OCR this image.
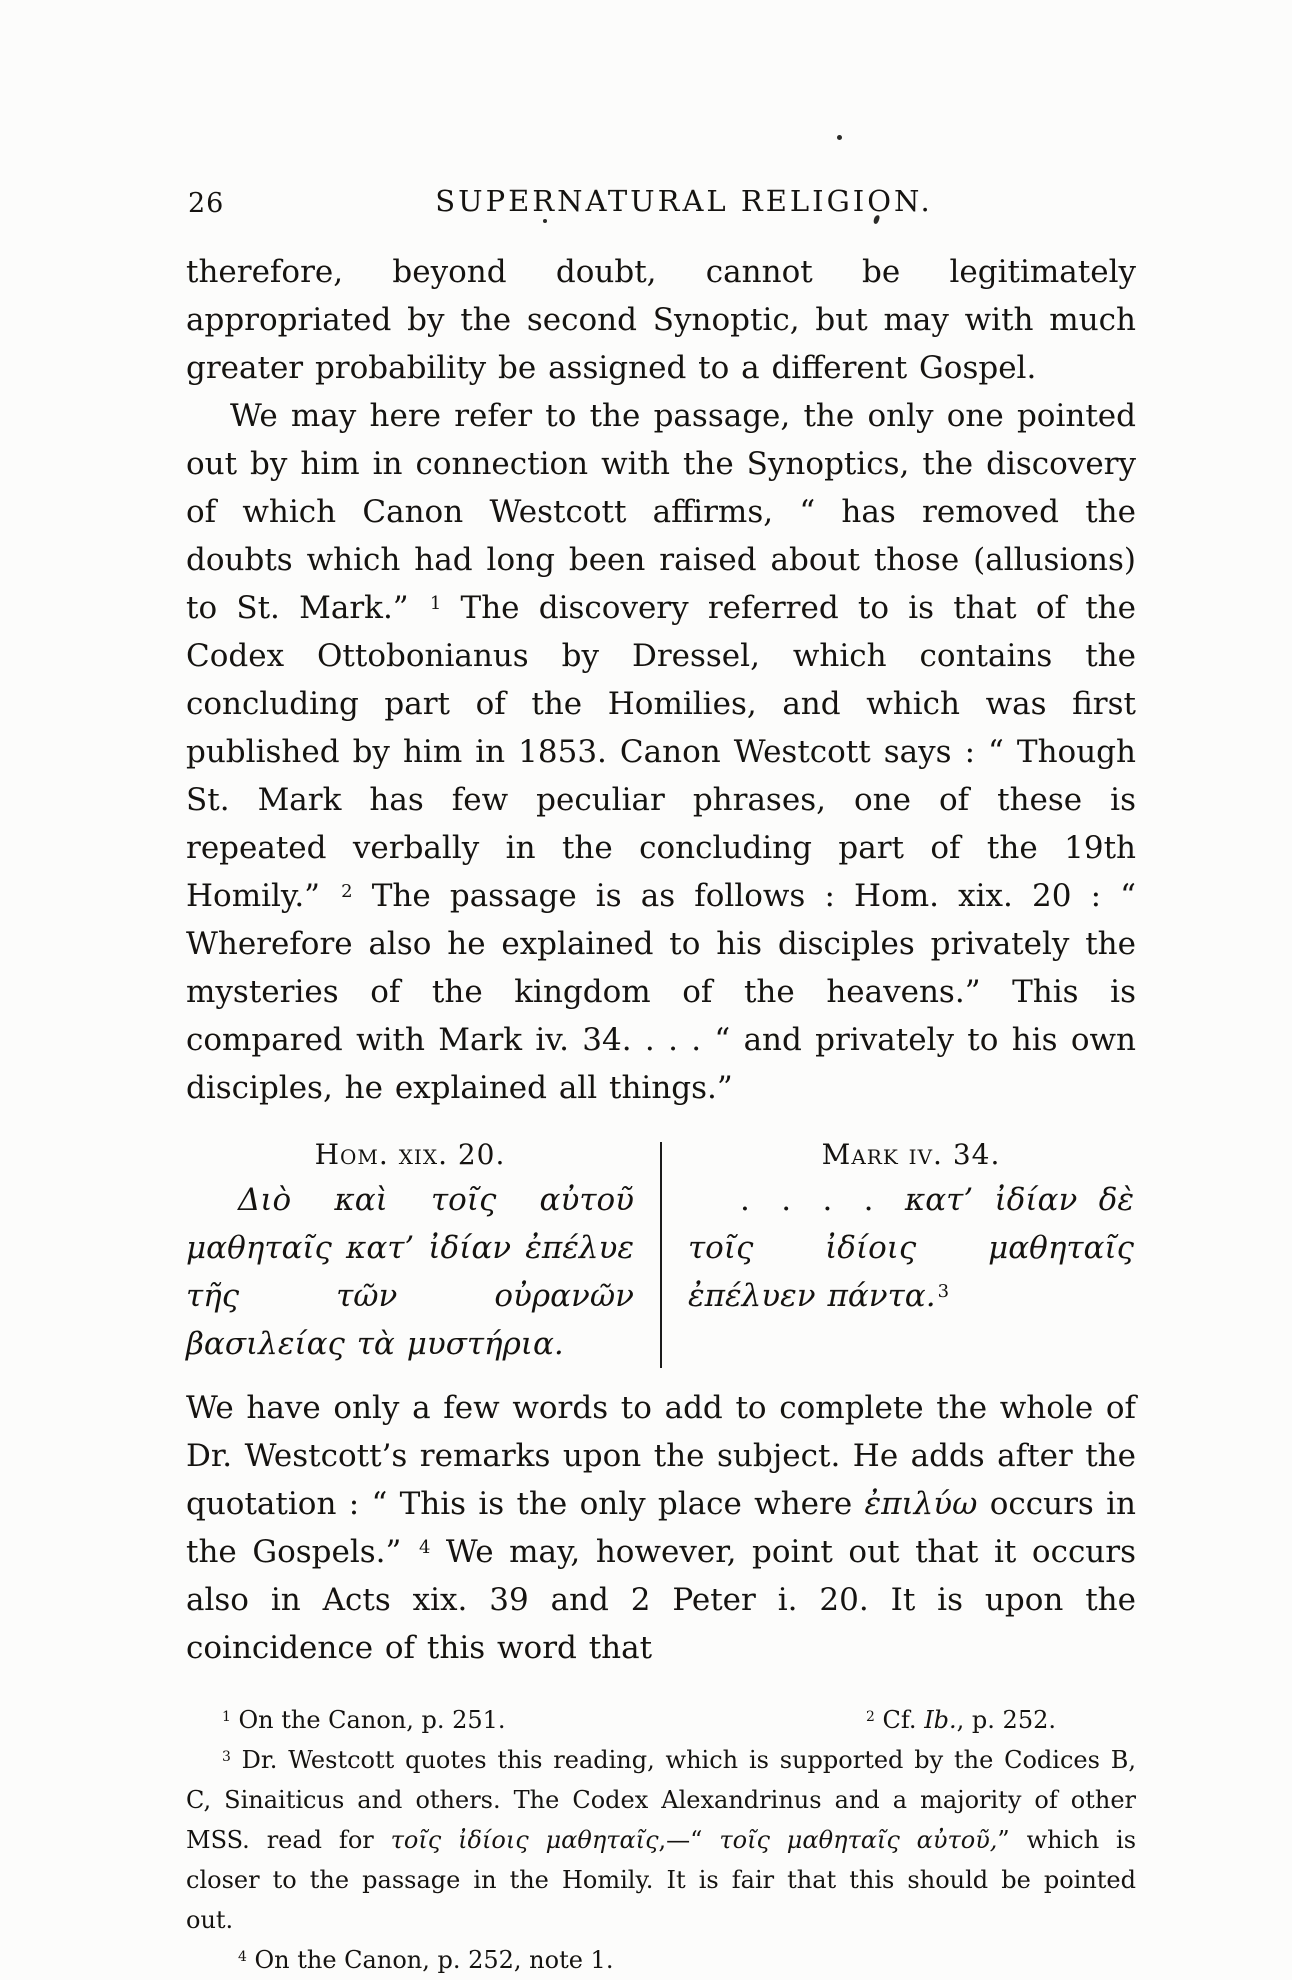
26	SUPERNATURAL RELIGION.

therefore, beyond doubt, cannot be legitimately appropriated by the second Synoptic, but may with much greater probability be assigned to a different Gospel.

We may here refer to the passage, the only one pointed out by him in connection with the Synoptics, the discovery of which Canon Westcott affirms, “ has removed the doubts which had long been raised about those (allusions) to St. Mark.” $^1$ The discovery referred to is that of the Codex Ottobonianus by Dressel, which contains the concluding part of the Homilies, and which was first published by him in 1853. Canon Westcott says : “ Though St. Mark has few peculiar phrases, one of these is repeated verbally in the concluding part of the 19th Homily.” $^2$ The passage is as follows : Hom. xix. 20 : “ Wherefore also he explained to his disciples privately the mysteries of the kingdom of the heavens.” This is compared with Mark iv. 34. . . . “ and privately to his own disciples, he explained all things.”

Hom. xix. 20.

Διὸ καὶ τοῖς αὐτοῦ μαθηταῖς κατ’ ἰδίαν ἐπέλυε τῆς τῶν οὐρανῶν βασιλείας τὰ μυστήρια.

Mark iv. 34.

. . . . κατ’ ἰδίαν δὲ τοῖς ἰδίοις μαθηταῖς ἐπέλυεν πάντα. $^3$

We have only a few words to add to complete the whole of Dr. Westcott’s remarks upon the subject. He adds after the quotation : “ This is the only place where ἐπιλύω occurs in the Gospels.” $^4$ We may, however, point out that it occurs also in Acts xix. 39 and 2 Peter i. 20. It is upon the coincidence of this word that

$^1$ On the Canon, p. 251.	$^2$ Cf. Ib., p. 252.

$^3$ Dr. Westcott quotes this reading, which is supported by the Codices B, C, Sinaiticus and others. The Codex Alexandrinus and a majority of other MSS. read for τοῖς ἰδίοις μαθηταῖς,—“ τοῖς μαθηταῖς αὐτοῦ,” which is closer to the passage in the Homily. It is fair that this should be pointed out.

$^4$ On the Canon, p. 252, note 1.
